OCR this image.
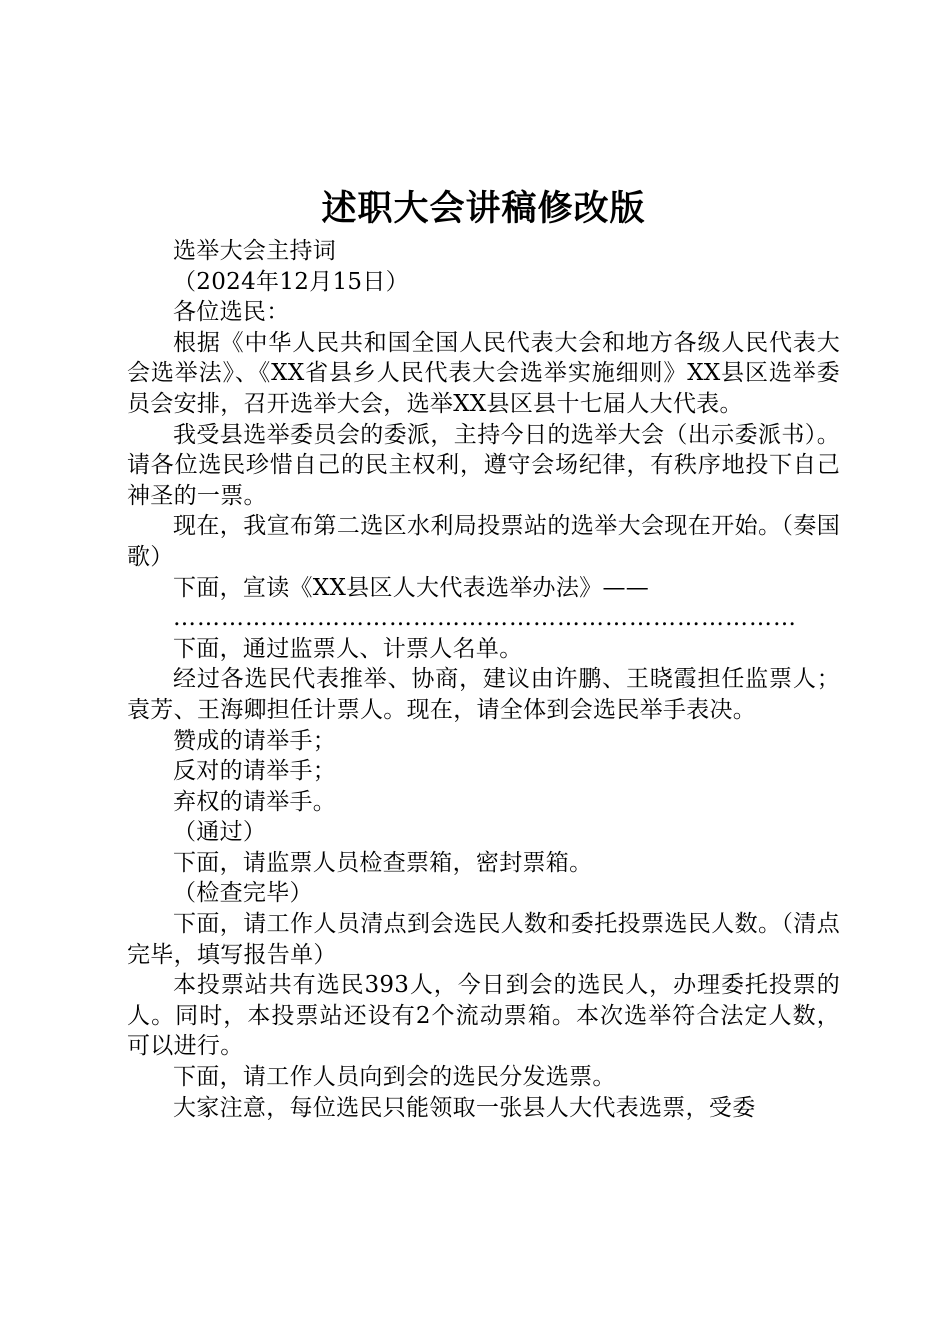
述职大会讲稿修改版

选举大会主持词

（2024年12月15日）

各位选民：

根据《中华人民共和国全国人民代表大会和地方各级人民代表大会选举法》、《XX省县乡人民代表大会选举实施细则》XX县区选举委员会安排，召开选举大会，选举XX县区县十七届人大代表。

我受县选举委员会的委派，主持今日的选举大会（出示委派书）。请各位选民珍惜自己的民主权利，遵守会场纪律，有秩序地投下自己神圣的一票。

现在，我宣布第二选区水利局投票站的选举大会现在开始。（奏国歌）

下面，宣读《XX县区人大代表选举办法》——

……………………………………………………………………

下面，通过监票人、计票人名单。

经过各选民代表推举、协商，建议由许鹏、王晓霞担任监票人；袁芳、王海卿担任计票人。现在，请全体到会选民举手表决。

赞成的请举手；

反对的请举手；

弃权的请举手。

（通过）

下面，请监票人员检查票箱，密封票箱。

（检查完毕）

下面，请工作人员清点到会选民人数和委托投票选民人数。（清点完毕，填写报告单）

本投票站共有选民393人，今日到会的选民人，办理委托投票的人。同时，本投票站还设有2个流动票箱。本次选举符合法定人数，可以进行。

下面，请工作人员向到会的选民分发选票。

大家注意，每位选民只能领取一张县人大代表选票，受委
